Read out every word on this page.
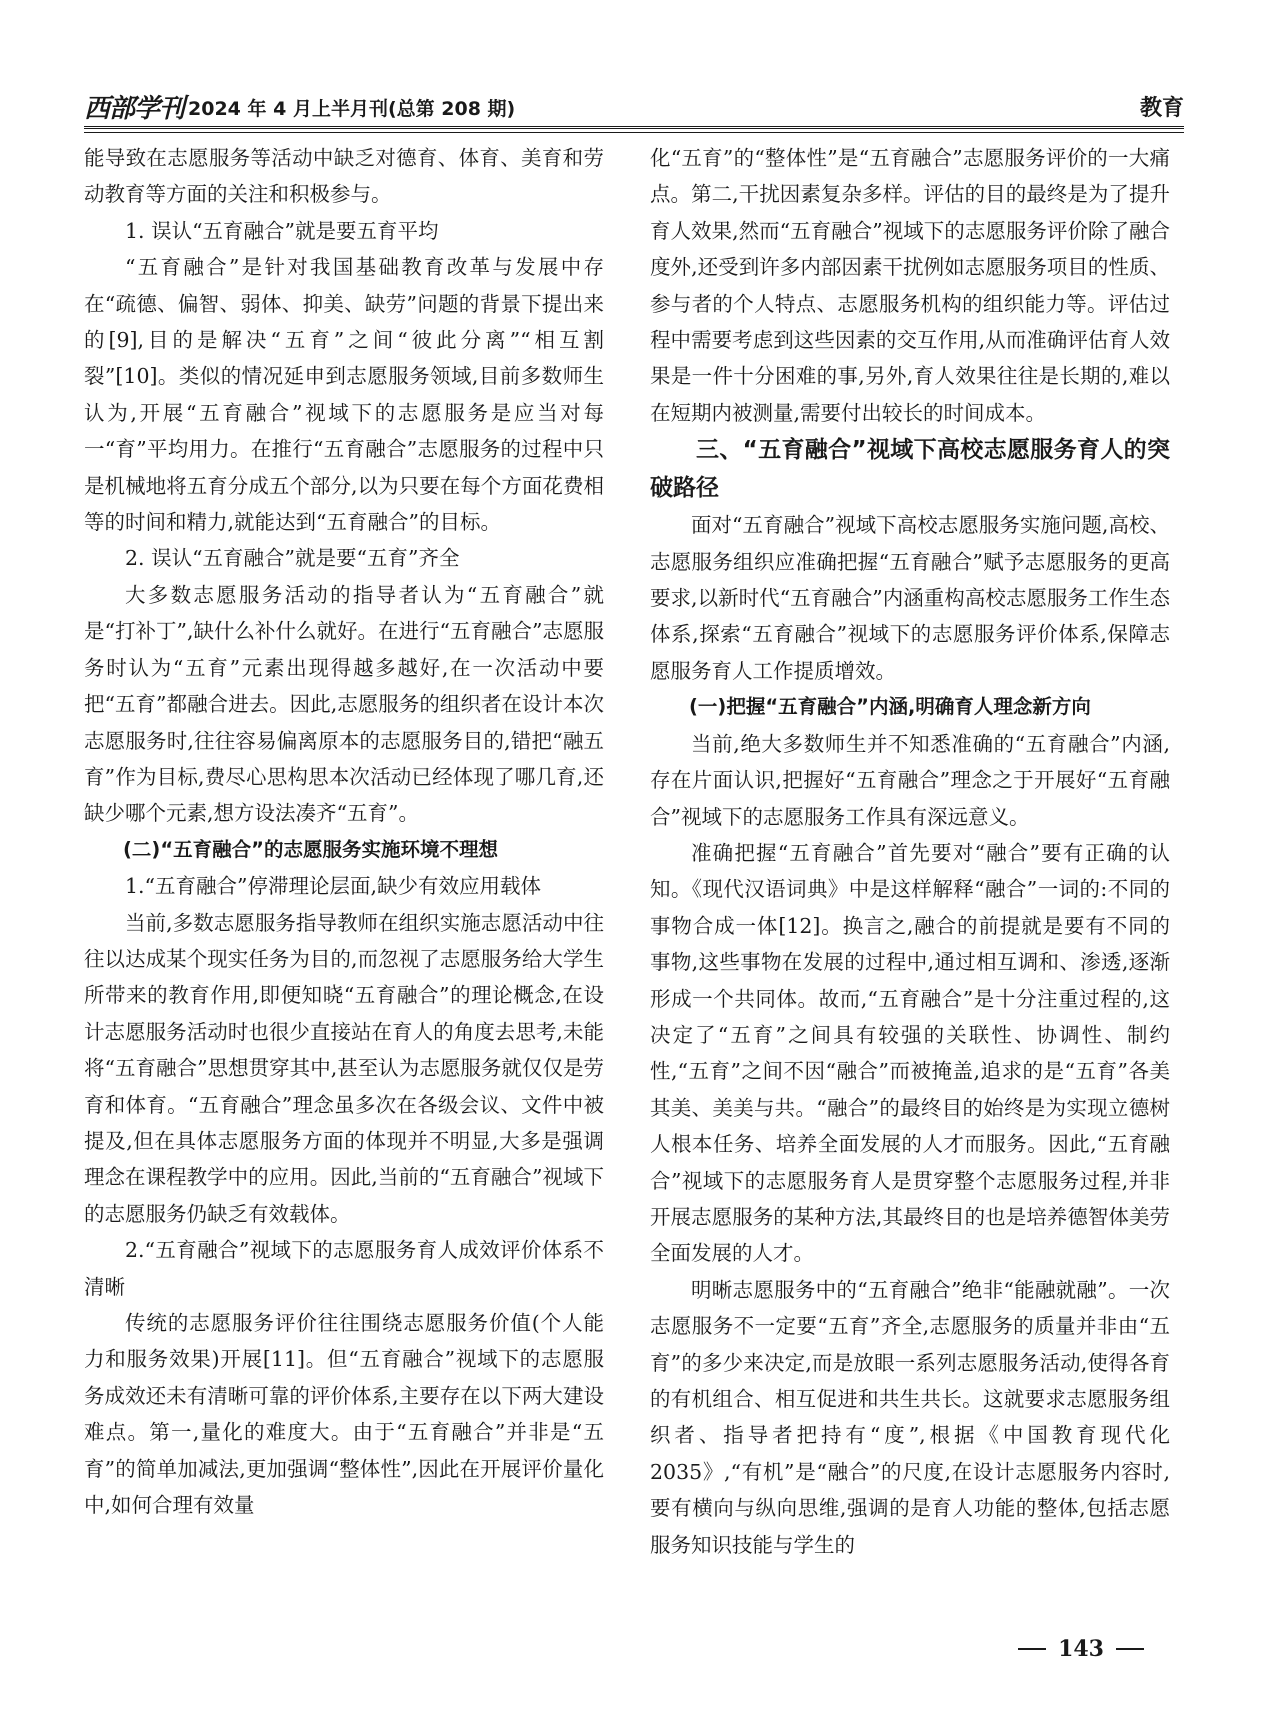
西部学刊 2024 年 4 月上半月刊(总第 208 期)	教育

能导致在志愿服务等活动中缺乏对德育、体育、美育和劳动教育等方面的关注和积极参与。

1. 误认“五育融合”就是要五育平均

“五育融合”是针对我国基础教育改革与发展中存在“疏德、偏智、弱体、抑美、缺劳”问题的背景下提出来的[9],目的是解决“五育”之间“彼此分离”“相互割裂”[10]。类似的情况延申到志愿服务领域,目前多数师生认为,开展“五育融合”视域下的志愿服务是应当对每一“育”平均用力。在推行“五育融合”志愿服务的过程中只是机械地将五育分成五个部分,以为只要在每个方面花费相等的时间和精力,就能达到“五育融合”的目标。

2. 误认“五育融合”就是要“五育”齐全

大多数志愿服务活动的指导者认为“五育融合”就是“打补丁”,缺什么补什么就好。在进行“五育融合”志愿服务时认为“五育”元素出现得越多越好,在一次活动中要把“五育”都融合进去。因此,志愿服务的组织者在设计本次志愿服务时,往往容易偏离原本的志愿服务目的,错把“融五育”作为目标,费尽心思构思本次活动已经体现了哪几育,还缺少哪个元素,想方设法凑齐“五育”。

(二)“五育融合”的志愿服务实施环境不理想

1.“五育融合”停滞理论层面,缺少有效应用载体

当前,多数志愿服务指导教师在组织实施志愿活动中往往以达成某个现实任务为目的,而忽视了志愿服务给大学生所带来的教育作用,即便知晓“五育融合”的理论概念,在设计志愿服务活动时也很少直接站在育人的角度去思考,未能将“五育融合”思想贯穿其中,甚至认为志愿服务就仅仅是劳育和体育。“五育融合”理念虽多次在各级会议、文件中被提及,但在具体志愿服务方面的体现并不明显,大多是强调理念在课程教学中的应用。因此,当前的“五育融合”视域下的志愿服务仍缺乏有效载体。

2.“五育融合”视域下的志愿服务育人成效评价体系不清晰

传统的志愿服务评价往往围绕志愿服务价值(个人能力和服务效果)开展[11]。但“五育融合”视域下的志愿服务成效还未有清晰可靠的评价体系,主要存在以下两大建设难点。第一,量化的难度大。由于“五育融合”并非是“五育”的简单加减法,更加强调“整体性”,因此在开展评价量化中,如何合理有效量

化“五育”的“整体性”是“五育融合”志愿服务评价的一大痛点。第二,干扰因素复杂多样。评估的目的最终是为了提升育人效果,然而“五育融合”视域下的志愿服务评价除了融合度外,还受到许多内部因素干扰例如志愿服务项目的性质、参与者的个人特点、志愿服务机构的组织能力等。评估过程中需要考虑到这些因素的交互作用,从而准确评估育人效果是一件十分困难的事,另外,育人效果往往是长期的,难以在短期内被测量,需要付出较长的时间成本。

三、“五育融合”视域下高校志愿服务育人的突破路径

面对“五育融合”视域下高校志愿服务实施问题,高校、志愿服务组织应准确把握“五育融合”赋予志愿服务的更高要求,以新时代“五育融合”内涵重构高校志愿服务工作生态体系,探索“五育融合”视域下的志愿服务评价体系,保障志愿服务育人工作提质增效。

(一)把握“五育融合”内涵,明确育人理念新方向

当前,绝大多数师生并不知悉准确的“五育融合”内涵,存在片面认识,把握好“五育融合”理念之于开展好“五育融合”视域下的志愿服务工作具有深远意义。

准确把握“五育融合”首先要对“融合”要有正确的认知。《现代汉语词典》中是这样解释“融合”一词的:不同的事物合成一体[12]。换言之,融合的前提就是要有不同的事物,这些事物在发展的过程中,通过相互调和、渗透,逐渐形成一个共同体。故而,“五育融合”是十分注重过程的,这决定了“五育”之间具有较强的关联性、协调性、制约性,“五育”之间不因“融合”而被掩盖,追求的是“五育”各美其美、美美与共。“融合”的最终目的始终是为实现立德树人根本任务、培养全面发展的人才而服务。因此,“五育融合”视域下的志愿服务育人是贯穿整个志愿服务过程,并非开展志愿服务的某种方法,其最终目的也是培养德智体美劳全面发展的人才。

明晰志愿服务中的“五育融合”绝非“能融就融”。一次志愿服务不一定要“五育”齐全,志愿服务的质量并非由“五育”的多少来决定,而是放眼一系列志愿服务活动,使得各育的有机组合、相互促进和共生共长。这就要求志愿服务组织者、指导者把持有“度”,根据《中国教育现代化 2035》,“有机”是“融合”的尺度,在设计志愿服务内容时,要有横向与纵向思维,强调的是育人功能的整体,包括志愿服务知识技能与学生的

143
